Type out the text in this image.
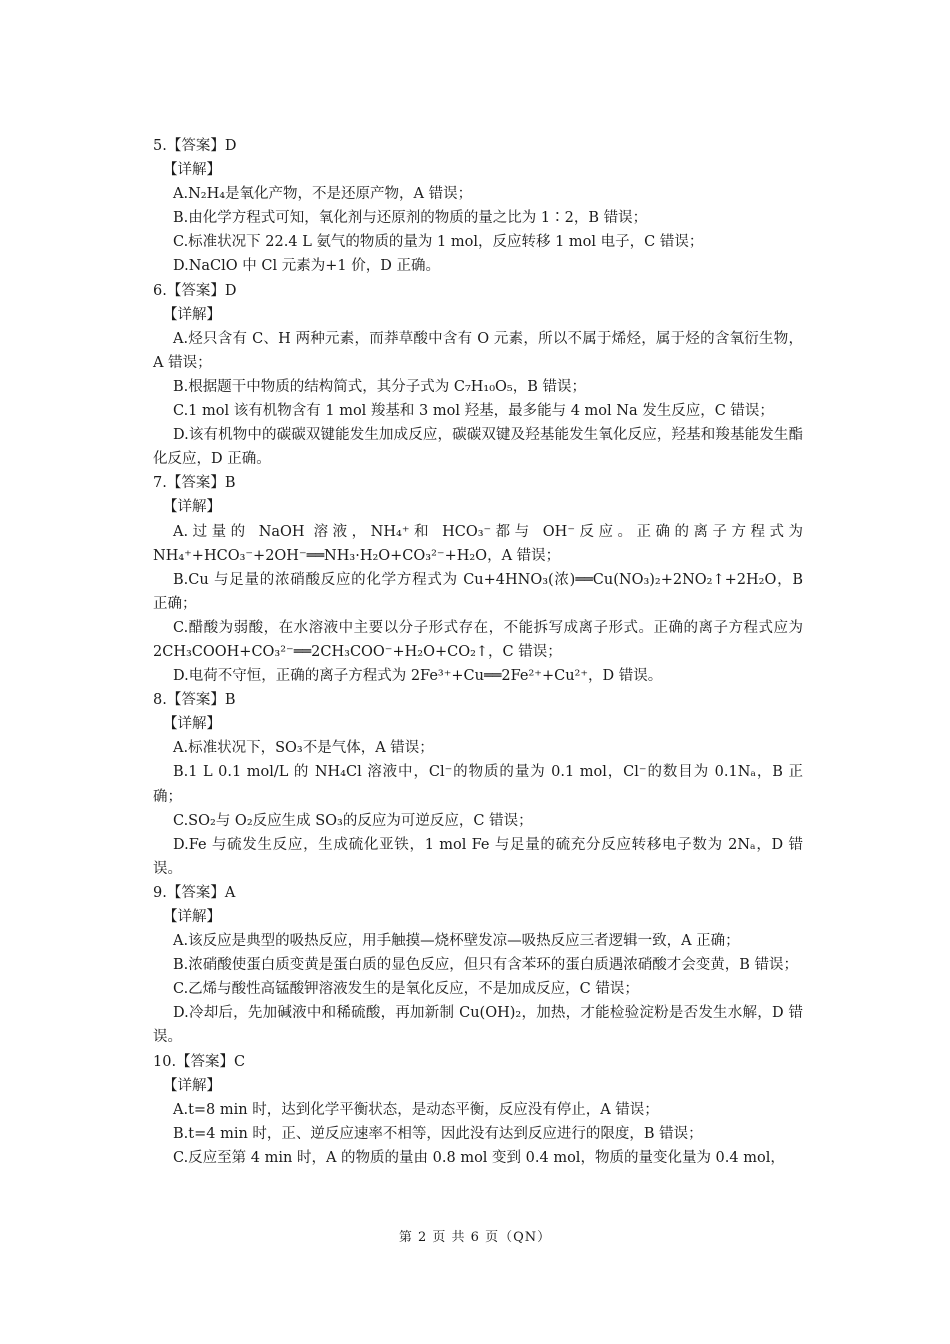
5.【答案】D

【详解】

A.N₂H₄是氧化产物，不是还原产物，A 错误；

B.由化学方程式可知，氧化剂与还原剂的物质的量之比为 1∶2，B 错误；

C.标准状况下 22.4 L 氨气的物质的量为 1 mol，反应转移 1 mol 电子，C 错误；

D.NaClO 中 Cl 元素为+1 价，D 正确。

6.【答案】D

【详解】

A.烃只含有 C、H 两种元素，而莽草酸中含有 O 元素，所以不属于烯烃，属于烃的含氧衍生物，A 错误；

B.根据题干中物质的结构简式，其分子式为 C₇H₁₀O₅，B 错误；

C.1 mol 该有机物含有 1 mol 羧基和 3 mol 羟基，最多能与 4 mol Na 发生反应，C 错误；

D.该有机物中的碳碳双键能发生加成反应，碳碳双键及羟基能发生氧化反应，羟基和羧基能发生酯化反应，D 正确。

7.【答案】B

【详解】

A.过量的 NaOH 溶液，NH₄⁺和 HCO₃⁻都与 OH⁻反应。正确的离子方程式为 NH₄⁺+HCO₃⁻+2OH⁻══NH₃·H₂O+CO₃²⁻+H₂O，A 错误；

B.Cu 与足量的浓硝酸反应的化学方程式为 Cu+4HNO₃(浓)══Cu(NO₃)₂+2NO₂↑+2H₂O，B 正确；

C.醋酸为弱酸，在水溶液中主要以分子形式存在，不能拆写成离子形式。正确的离子方程式应为 2CH₃COOH+CO₃²⁻══2CH₃COO⁻+H₂O+CO₂↑，C 错误；

D.电荷不守恒，正确的离子方程式为 2Fe³⁺+Cu══2Fe²⁺+Cu²⁺，D 错误。

8.【答案】B

【详解】

A.标准状况下，SO₃不是气体，A 错误；

B.1 L 0.1 mol/L 的 NH₄Cl 溶液中，Cl⁻的物质的量为 0.1 mol，Cl⁻的数目为 0.1Nₐ，B 正确；

C.SO₂与 O₂反应生成 SO₃的反应为可逆反应，C 错误；

D.Fe 与硫发生反应，生成硫化亚铁，1 mol Fe 与足量的硫充分反应转移电子数为 2Nₐ，D 错误。

9.【答案】A

【详解】

A.该反应是典型的吸热反应，用手触摸—烧杯壁发凉—吸热反应三者逻辑一致，A 正确；

B.浓硝酸使蛋白质变黄是蛋白质的显色反应，但只有含苯环的蛋白质遇浓硝酸才会变黄，B 错误；

C.乙烯与酸性高锰酸钾溶液发生的是氧化反应，不是加成反应，C 错误；

D.冷却后，先加碱液中和稀硫酸，再加新制 Cu(OH)₂，加热，才能检验淀粉是否发生水解，D 错误。

10.【答案】C

【详解】

A.t=8 min 时，达到化学平衡状态，是动态平衡，反应没有停止，A 错误；

B.t=4 min 时，正、逆反应速率不相等，因此没有达到反应进行的限度，B 错误；

C.反应至第 4 min 时，A 的物质的量由 0.8 mol 变到 0.4 mol，物质的量变化量为 0.4 mol，

第 2 页 共 6 页（QN）
